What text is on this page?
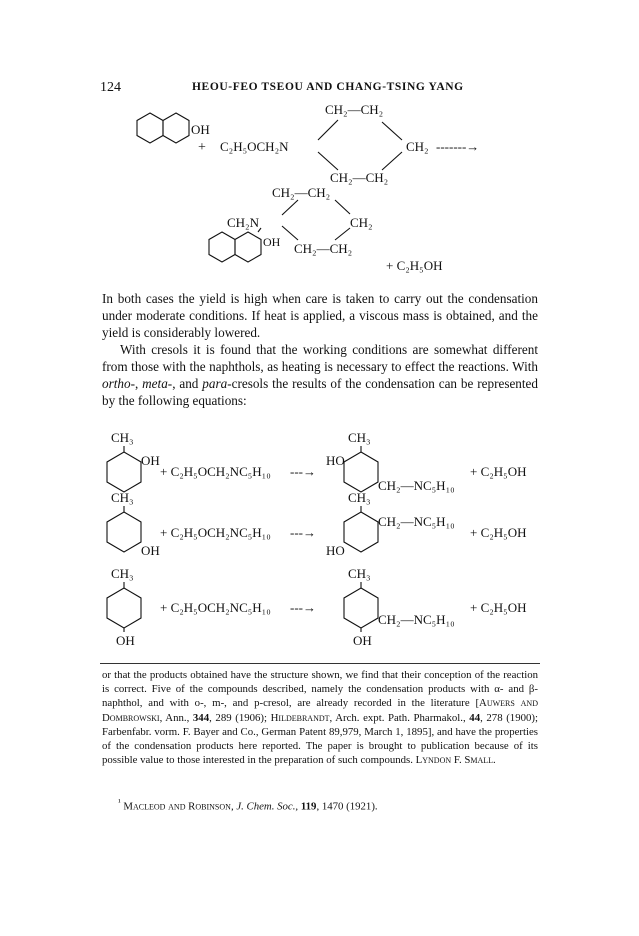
124	HEOU-FEO TSEOU AND CHANG-TSING YANG
OH
+ C₂H₅OCH₂N
CH₂—CH₂
CH₂ -------→
CH₂—CH₂
CH₂—CH₂
CH₂N	CH₂
OH CH₂—CH₂
+ C₂H₅OH
CH₃
OH
+ C₂H₅OCH₂NC₅H₁₀ ---→
CH₃
HO
CH₂—NC₅H₁₀
+ C₂H₅OH
CH₃
OH
+ C₂H₅OCH₂NC₅H₁₀ ---→
CH₃
HO
CH₂—NC₅H₁₀
+ C₂H₅OH
CH₃
OH
+ C₂H₅OCH₂NC₅H₁₀ ---→
CH₃
OH
CH₂—NC₅H₁₀
+ C₂H₅OH

In both cases the yield is high when care is taken to carry out the condensation under moderate conditions. If heat is applied, a viscous mass is obtained, and the yield is considerably lowered.

With cresols it is found that the working conditions are somewhat different from those with the naphthols, as heating is necessary to effect the reactions. With ortho-, meta-, and para-cresols the results of the condensation can be represented by the following equations:

or that the products obtained have the structure shown, we find that their conception of the reaction is correct. Five of the compounds described, namely the condensation products with α- and β-naphthol, and with o-, m-, and p-cresol, are already recorded in the literature [Auwers and Dombrowski, Ann., 344, 289 (1906); Hildebrandt, Arch. expt. Path. Pharmakol., 44, 278 (1900); Farbenfabr. vorm. F. Bayer and Co., German Patent 89,979, March 1, 1895], and have the properties of the condensation products here reported. The paper is brought to publication because of its possible value to those interested in the preparation of such compounds. Lyndon F. Small.

$^{^1}$ Macleod and Robinson, J. Chem. Soc., 119, 1470 (1921).
